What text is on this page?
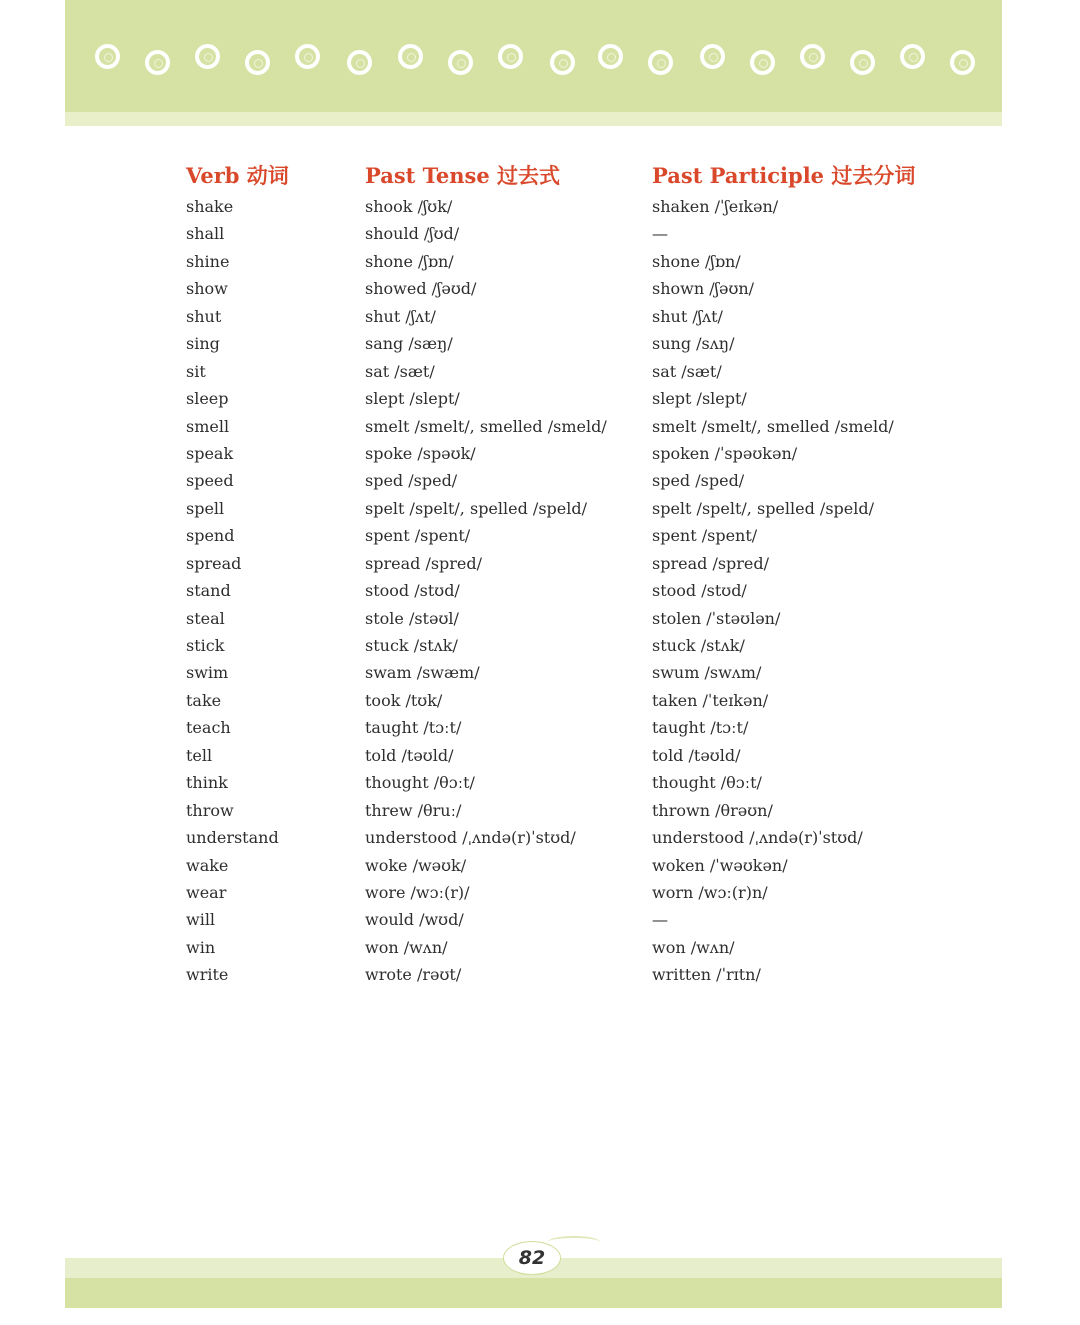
Verb 动词	Past Tense 过去式	Past Participle 过去分词
shake	shook /ʃʊk/	shaken /ˈʃeɪkən/
shall	should /ʃʊd/	—
shine	shone /ʃɒn/	shone /ʃɒn/
show	showed /ʃəʊd/	shown /ʃəʊn/
shut	shut /ʃʌt/	shut /ʃʌt/
sing	sang /sæŋ/	sung /sʌŋ/
sit	sat /sæt/	sat /sæt/
sleep	slept /slept/	slept /slept/
smell	smelt /smelt/, smelled /smeld/	smelt /smelt/, smelled /smeld/
speak	spoke /spəʊk/	spoken /ˈspəʊkən/
speed	sped /sped/	sped /sped/
spell	spelt /spelt/, spelled /speld/	spelt /spelt/, spelled /speld/
spend	spent /spent/	spent /spent/
spread	spread /spred/	spread /spred/
stand	stood /stʊd/	stood /stʊd/
steal	stole /stəʊl/	stolen /ˈstəʊlən/
stick	stuck /stʌk/	stuck /stʌk/
swim	swam /swæm/	swum /swʌm/
take	took /tʊk/	taken /ˈteɪkən/
teach	taught /tɔːt/	taught /tɔːt/
tell	told /təʊld/	told /təʊld/
think	thought /θɔːt/	thought /θɔːt/
throw	threw /θruː/	thrown /θrəʊn/
understand	understood /ˌʌndə(r)ˈstʊd/	understood /ˌʌndə(r)ˈstʊd/
wake	woke /wəʊk/	woken /ˈwəʊkən/
wear	wore /wɔː(r)/	worn /wɔː(r)n/
will	would /wʊd/	—
win	won /wʌn/	won /wʌn/
write	wrote /rəʊt/	written /ˈrɪtn/
82
